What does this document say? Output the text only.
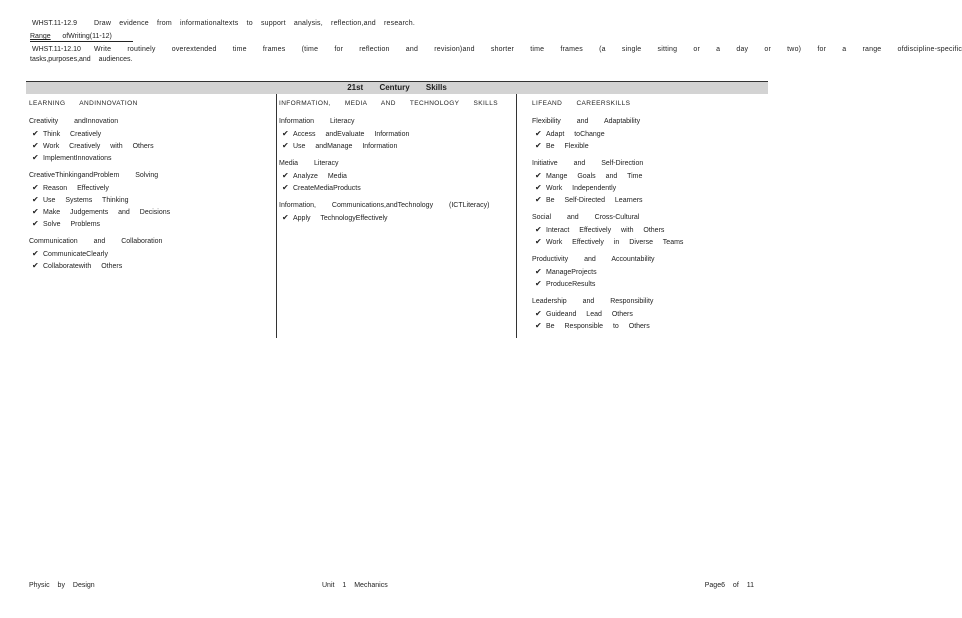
WHST.11-12.9 Draw evidence from informationaltexts to support analysis, reflection,and research.
Range ofWriting(11-12)
WHST.11-12.10 Write routinely overextended time frames (time for reflection and revision)and shorter time frames (a single sitting or a day or two) for a range ofdiscipline-specific
tasks,purposes,and audiences.
21st Century Skills
LEARNING ANDINNOVATION
Creativity andInnovation
✔ Think Creatively
✔ Work Creatively with Others
✔ ImplementInnovations
CreativeThinkingandProblem Solving
✔ Reason Effectively
✔ Use Systems Thinking
✔ Make Judgements and Decisions
✔ Solve Problems
Communication and Collaboration
✔ CommunicateClearly
✔ Collaboratewith Others
INFORMATION, MEDIA AND TECHNOLOGY SKILLS
Information Literacy
✔ Access andEvaluate Information
✔ Use andManage Information
Media Literacy
✔ Analyze Media
✔ CreateMediaProducts
Information, Communications,andTechnology (ICTLiteracy)
✔ Apply TechnologyEffectively
LIFEAND CAREERSKILLS
Flexibility and Adaptability
✔ Adapt toChange
✔ Be Flexible
Initiative and Self-Direction
✔ Mange Goals and Time
✔ Work Independently
✔ Be Self-Directed Learners
Social and Cross-Cultural
✔ Interact Effectively with Others
✔ Work Effectively in Diverse Teams
Productivity and Accountability
✔ ManageProjects
✔ ProduceResults
Leadership and Responsibility
✔ Guideand Lead Others
✔ Be Responsible to Others
Physic by Design	Unit 1 Mechanics	Page6 of 11
